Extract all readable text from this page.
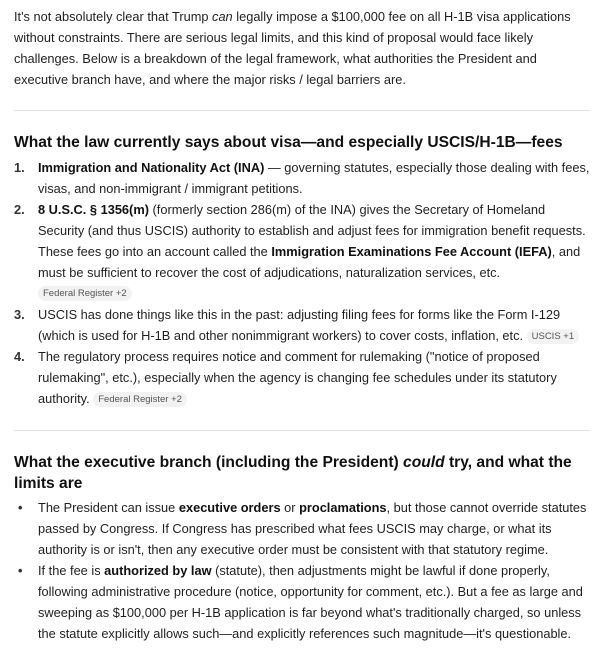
It's not absolutely clear that Trump can legally impose a $100,000 fee on all H-1B visa applications without constraints. There are serious legal limits, and this kind of proposal would face likely challenges. Below is a breakdown of the legal framework, what authorities the President and executive branch have, and where the major risks / legal barriers are.

What the law currently says about visa—and especially USCIS/H-1B—fees
1. Immigration and Nationality Act (INA) — governing statutes, especially those dealing with fees, visas, and non-immigrant / immigrant petitions.
2. 8 U.S.C. § 1356(m) (formerly section 286(m) of the INA) gives the Secretary of Homeland Security (and thus USCIS) authority to establish and adjust fees for immigration benefit requests. These fees go into an account called the Immigration Examinations Fee Account (IEFA), and must be sufficient to recover the cost of adjudications, naturalization services, etc.
Federal Register +2
3. USCIS has done things like this in the past: adjusting filing fees for forms like the Form I-129 (which is used for H-1B and other nonimmigrant workers) to cover costs, inflation, etc. USCIS +1
4. The regulatory process requires notice and comment for rulemaking ("notice of proposed rulemaking", etc.), especially when the agency is changing fee schedules under its statutory authority. Federal Register +2
What the executive branch (including the President) could try, and what the limits are
• The President can issue executive orders or proclamations, but those cannot override statutes passed by Congress. If Congress has prescribed what fees USCIS may charge, or what its authority is or isn't, then any executive order must be consistent with that statutory regime.
• If the fee is authorized by law (statute), then adjustments might be lawful if done properly, following administrative procedure (notice, opportunity for comment, etc.). But a fee as large and sweeping as $100,000 per H-1B application is far beyond what's traditionally charged, so unless the statute explicitly allows such—and explicitly references such magnitude—it's questionable.
